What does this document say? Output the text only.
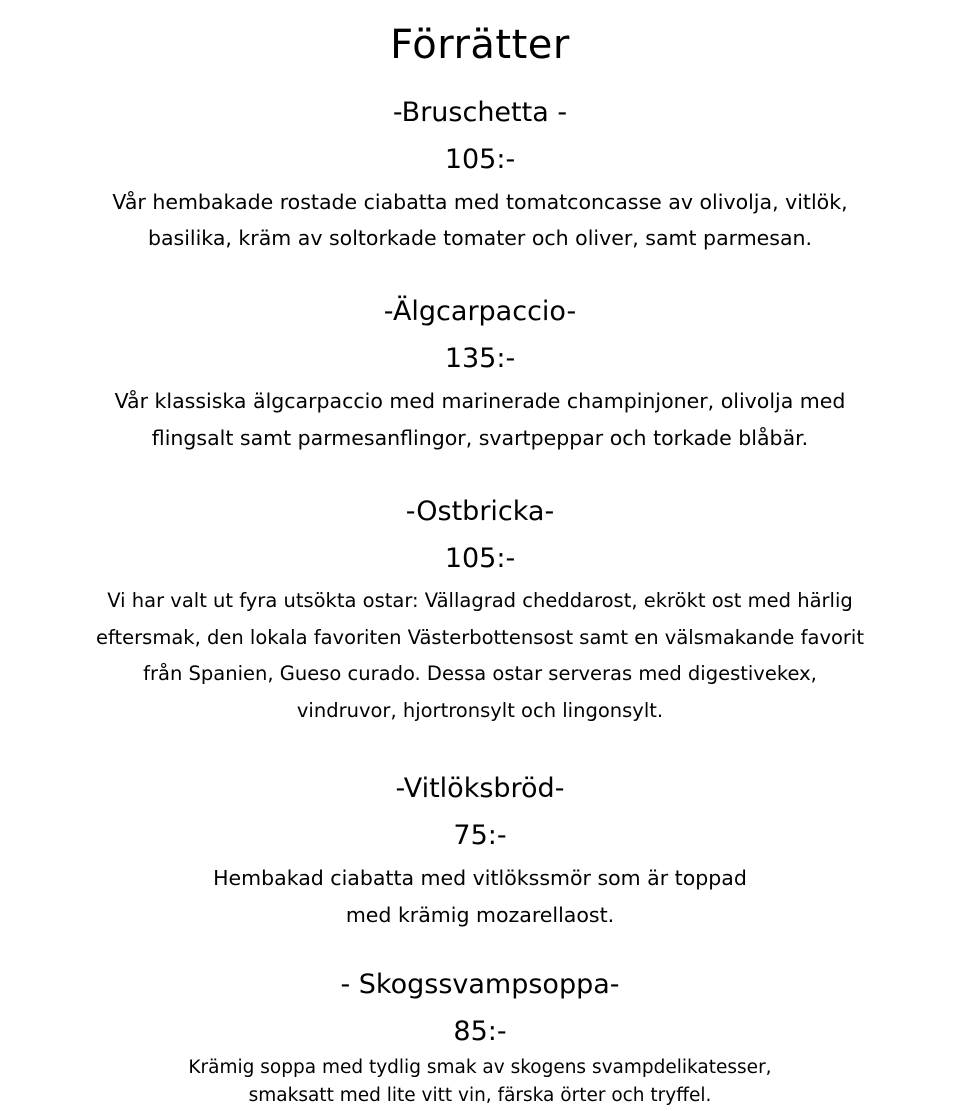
Förrätter
-Bruschetta -
105:-
Vår hembakade rostade ciabatta med tomatconcasse av olivolja, vitlök,
basilika, kräm av soltorkade tomater och oliver, samt parmesan.
-Älgcarpaccio-
135:-
Vår klassiska älgcarpaccio med marinerade champinjoner, olivolja med
flingsalt samt parmesanflingor, svartpeppar och torkade blåbär.
-Ostbricka-
105:-
Vi har valt ut fyra utsökta ostar: Vällagrad cheddarost, ekrökt ost med härlig
eftersmak, den lokala favoriten Västerbottensost samt en välsmakande favorit
från Spanien, Gueso curado. Dessa ostar serveras med digestivekex,
vindruvor, hjortronsylt och lingonsylt.
-Vitlöksbröd-
75:-
Hembakad ciabatta med vitlökssmör som är toppad
med krämig mozarellaost.
- Skogssvampsoppa-
85:-
Krämig soppa med tydlig smak av skogens svampdelikatesser,
smaksatt med lite vitt vin, färska örter och tryffel.
